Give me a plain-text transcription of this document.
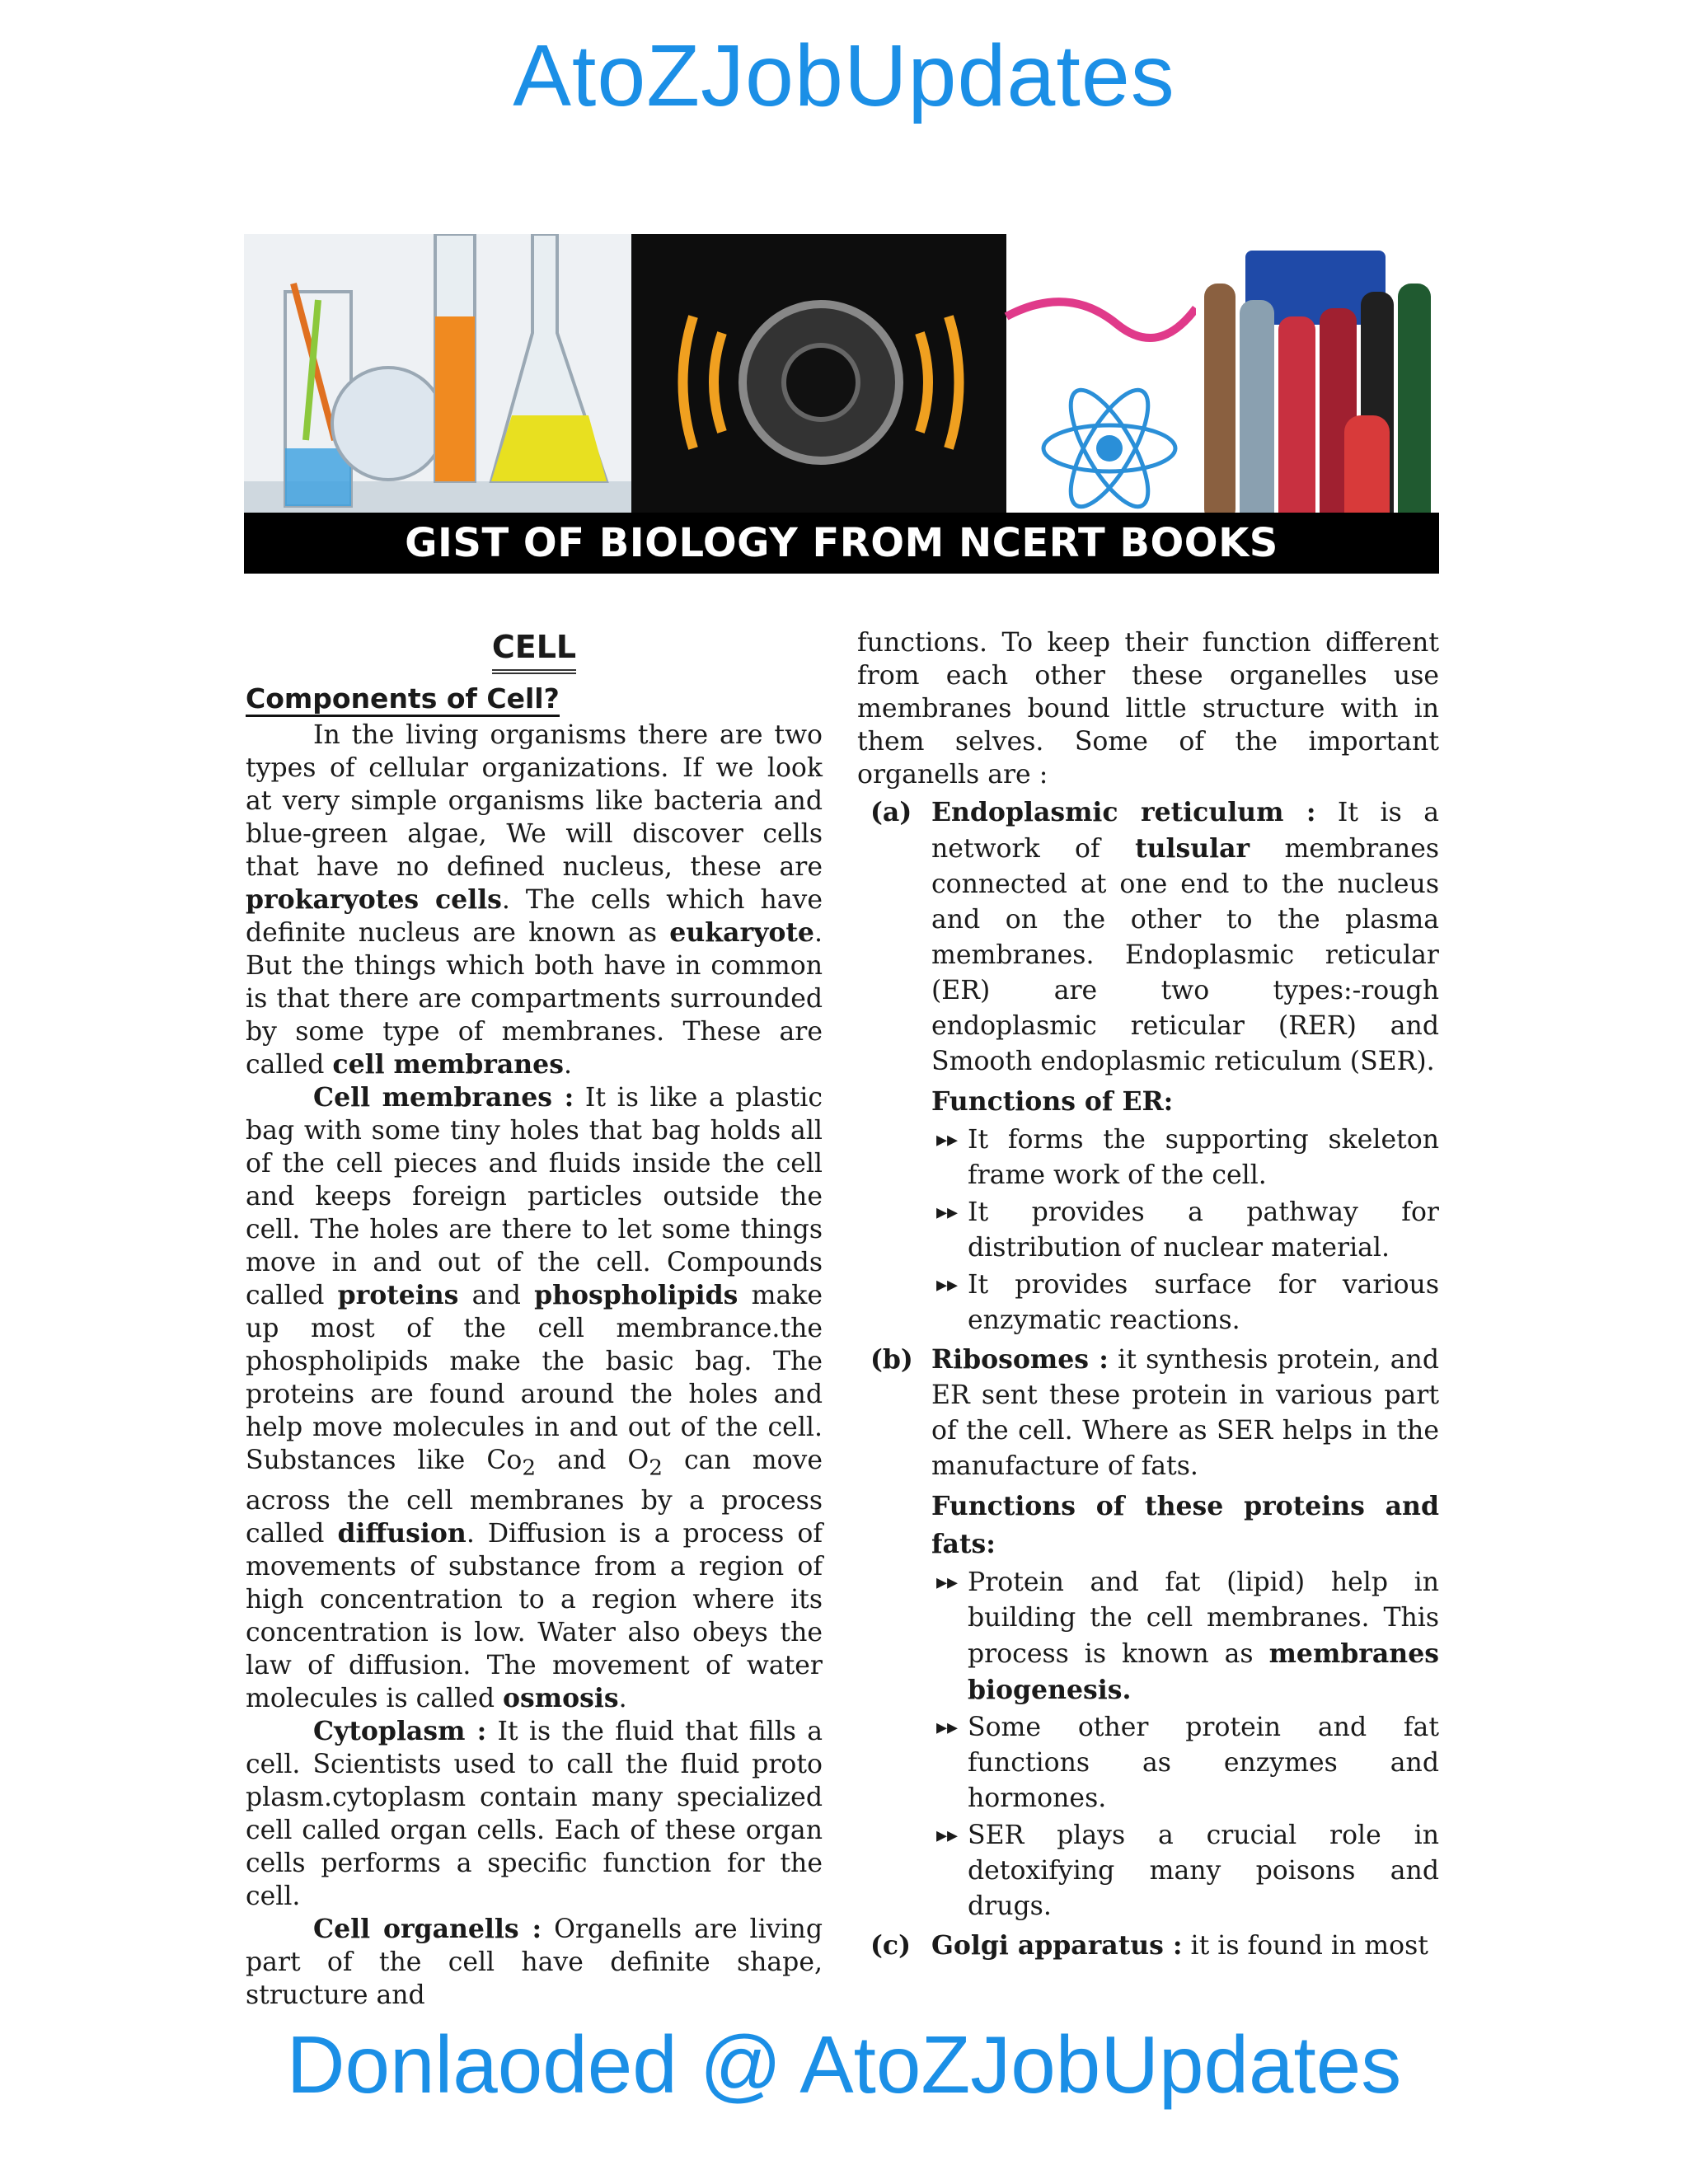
AtoZJobUpdates
GIST OF BIOLOGY FROM NCERT BOOKS
CELL
Components of Cell?

In the living organisms there are two types of cellular organizations. If we look at very simple organisms like bacteria and blue-green algae, We will discover cells that have no defined nucleus, these are prokaryotes cells. The cells which have definite nucleus are known as eukaryote. But the things which both have in common is that there are compartments surrounded by some type of membranes. These are called cell membranes.

Cell membranes : It is like a plastic bag with some tiny holes that bag holds all of the cell pieces and fluids inside the cell and keeps foreign particles outside the cell. The holes are there to let some things move in and out of the cell. Compounds called proteins and phospholipids make up most of the cell membrance.the phospholipids make the basic bag. The proteins are found around the holes and help move molecules in and out of the cell. Substances like $Co_2$ and $O_2$ can move across the cell membranes by a process called diffusion. Diffusion is a process of movements of substance from a region of high concentration to a region where its concentration is low. Water also obeys the law of diffusion. The movement of water molecules is called osmosis.

Cytoplasm : It is the fluid that fills a cell. Scientists used to call the fluid proto plasm.cytoplasm contain many specialized cell called organ cells. Each of these organ cells performs a specific function for the cell.

Cell organells : Organells are living part of the cell have definite shape, structure and

functions. To keep their function different from each other these organelles use membranes bound little structure with in them selves. Some of the important organells are :

(a) Endoplasmic reticulum : It is a network of tulsular membranes connected at one end to the nucleus and on the other to the plasma membranes. Endoplasmic reticular (ER) are two types:-rough endoplasmic reticular (RER) and Smooth endoplasmic reticulum (SER).
Functions of ER:
▸▸ It forms the supporting skeleton frame work of the cell.
▸▸ It provides a pathway for distribution of nuclear material.
▸▸ It provides surface for various enzymatic reactions.
(b) Ribosomes : it synthesis protein, and ER sent these protein in various part of the cell. Where as SER helps in the manufacture of fats.
Functions of these proteins and fats:
▸▸ Protein and fat (lipid) help in building the cell membranes. This process is known as membranes biogenesis.
▸▸ Some other protein and fat functions as enzymes and hormones.
▸▸ SER plays a crucial role in detoxifying many poisons and drugs.
(c) Golgi apparatus : it is found in most
Donlaoded @ AtoZJobUpdates
